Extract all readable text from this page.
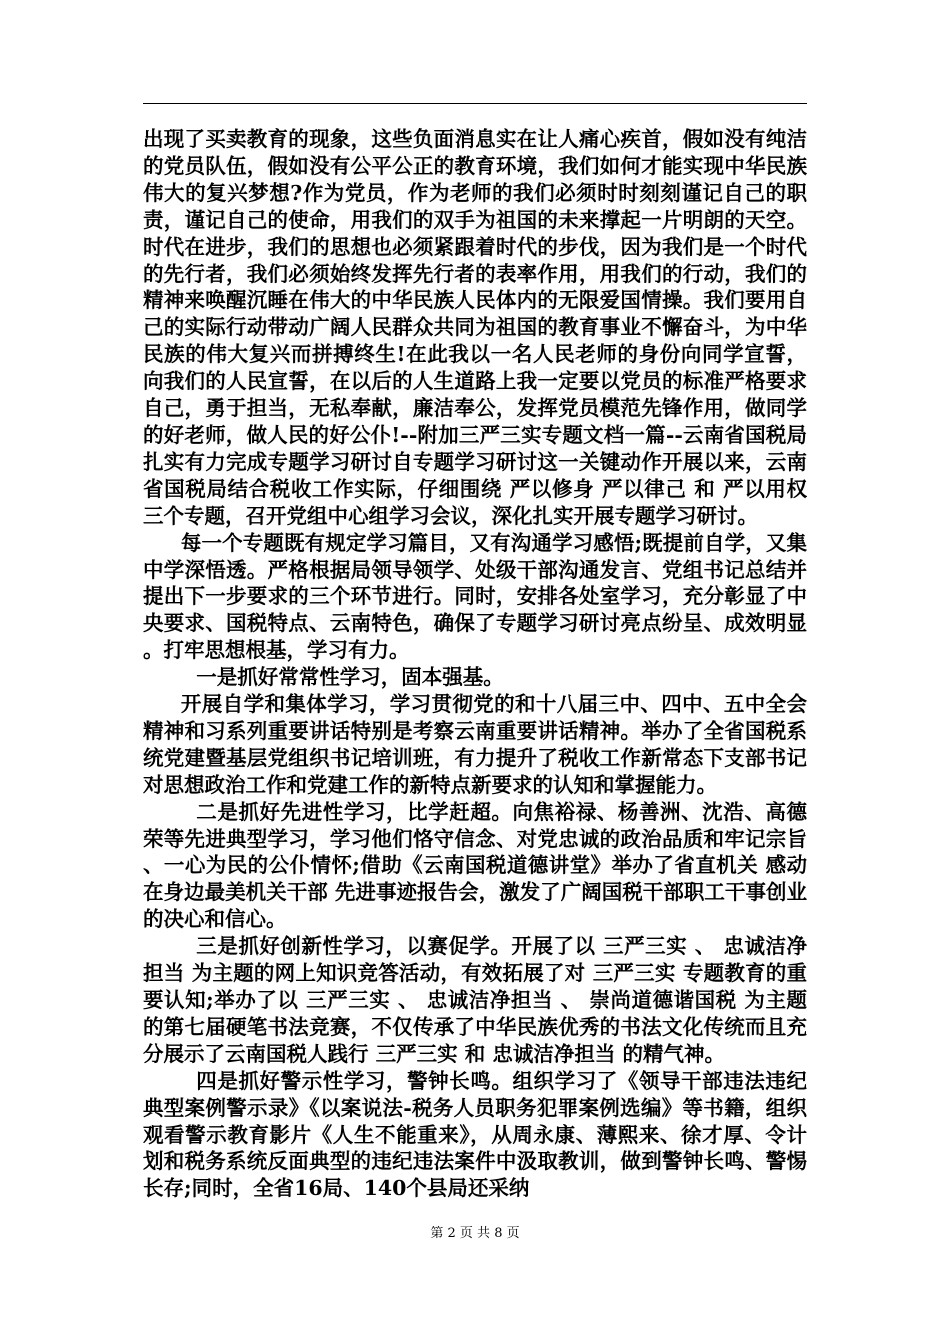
出现了买卖教育的现象，这些负面消息实在让人痛心疾首，假如没有纯洁的党员队伍，假如没有公平公正的教育环境，我们如何才能实现中华民族伟大的复兴梦想?作为党员，作为老师的我们必须时时刻刻谨记自己的职责，谨记自己的使命，用我们的双手为祖国的未来撑起一片明朗的天空。时代在进步，我们的思想也必须紧跟着时代的步伐，因为我们是一个时代的先行者，我们必须始终发挥先行者的表率作用，用我们的行动，我们的精神来唤醒沉睡在伟大的中华民族人民体内的无限爱国情操。我们要用自己的实际行动带动广阔人民群众共同为祖国的教育事业不懈奋斗，为中华民族的伟大复兴而拼搏终生!在此我以一名人民老师的身份向同学宣誓，向我们的人民宣誓，在以后的人生道路上我一定要以党员的标准严格要求自己，勇于担当，无私奉献，廉洁奉公，发挥党员模范先锋作用，做同学的好老师，做人民的好公仆!--附加三严三实专题文档一篇--云南省国税局扎实有力完成专题学习研讨自专题学习研讨这一关键动作开展以来，云南省国税局结合税收工作实际，仔细围绕 严以修身 严以律己 和 严以用权 三个专题，召开党组中心组学习会议，深化扎实开展专题学习研讨。

每一个专题既有规定学习篇目，又有沟通学习感悟;既提前自学，又集中学深悟透。严格根据局领导领学、处级干部沟通发言、党组书记总结并提出下一步要求的三个环节进行。同时，安排各处室学习，充分彰显了中央要求、国税特点、云南特色，确保了专题学习研讨亮点纷呈、成效明显。打牢思想根基，学习有力。

一是抓好常常性学习，固本强基。

开展自学和集体学习，学习贯彻党的和十八届三中、四中、五中全会精神和习系列重要讲话特别是考察云南重要讲话精神。举办了全省国税系统党建暨基层党组织书记培训班，有力提升了税收工作新常态下支部书记对思想政治工作和党建工作的新特点新要求的认知和掌握能力。

二是抓好先进性学习，比学赶超。向焦裕禄、杨善洲、沈浩、高德荣等先进典型学习，学习他们恪守信念、对党忠诚的政治品质和牢记宗旨、一心为民的公仆情怀;借助《云南国税道德讲堂》举办了省直机关 感动在身边最美机关干部 先进事迹报告会，激发了广阔国税干部职工干事创业的决心和信心。

三是抓好创新性学习，以赛促学。开展了以 三严三实 、 忠诚洁净担当 为主题的网上知识竞答活动，有效拓展了对 三严三实 专题教育的重要认知;举办了以 三严三实 、 忠诚洁净担当 、 崇尚道德谐国税 为主题的第七届硬笔书法竞赛，不仅传承了中华民族优秀的书法文化传统而且充分展示了云南国税人践行 三严三实 和 忠诚洁净担当 的精气神。

四是抓好警示性学习，警钟长鸣。组织学习了《领导干部违法违纪典型案例警示录》《以案说法-税务人员职务犯罪案例选编》等书籍，组织观看警示教育影片《人生不能重来》，从周永康、薄熙来、徐才厚、令计划和税务系统反面典型的违纪违法案件中汲取教训，做到警钟长鸣、警惕长存;同时，全省16局、140个县局还采纳

第 2 页 共 8 页
